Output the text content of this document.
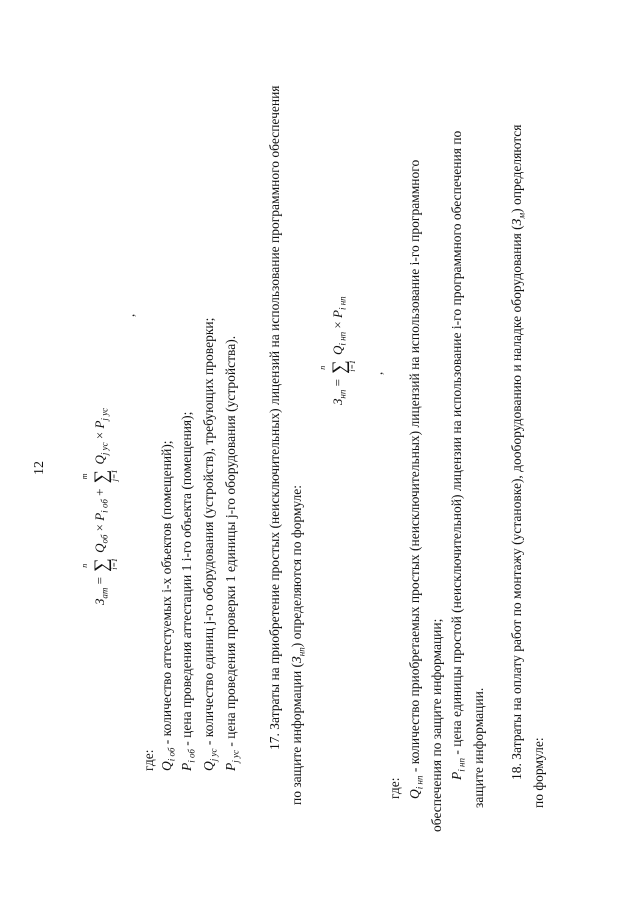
12
$З_{ат}$ = ∑
n	i=1
$Q_{об} \times P_{i об}$ + ∑
m	j=1
$Q_{j ус} \times P_{j ус}$
,
где: $Q_{i об}$ - количество аттестуемых i-х объектов (помещений);
$P_{i об}$ - цена проведения аттестации 1 i-го объекта (помещения);
$Q_{j ус}$ - количество единиц j-го оборудования (устройств), требующих проверки;
$P_{j ус}$ - цена проведения проверки 1 единицы j-го оборудования (устройства). 17. Затраты на приобретение простых (неисключительных) лицензий на использование программного обеспечения по защите информации $(З_{нп})$ определяются по формуле:
$З_{нп}$ = ∑
n	i=1
$Q_{i нп} \times P_{i нп}$
,
где: $Q_{i нп}$ - количество приобретаемых простых (неисключительных) лицензий на использование i-го программного обеспечения по защите информации; $P_{i нп}$ - цена единицы простой (неисключительной) лицензии на использование i-го программного обеспечения по защите информации. 18. Затраты на оплату работ по монтажу (установке), дооборудованию и наладке оборудования $(З_м)$ определяются
по формуле:
